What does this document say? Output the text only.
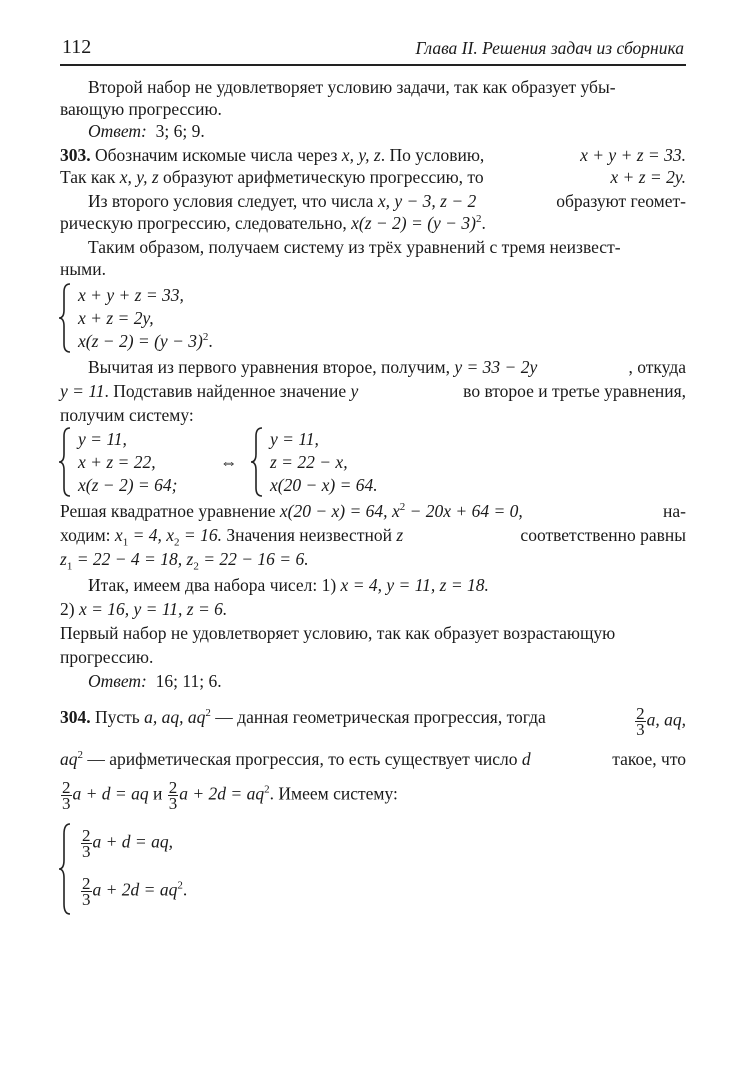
112	Глава II. Решения задач из сборника
Второй набор не удовлетворяет условию задачи, так как образует убы-
вающую прогрессию.
Ответ: 3; 6; 9.
303. Обозначим искомые числа через x, y, z. По условию,	x + y + z = 33.
Так как x, y, z образуют арифметическую прогрессию, то	x + z = 2y.
Из второго условия следует, что числа x, y − 3, z − 2	образуют геомет-
рическую прогрессию, следовательно, $x(z - 2) = (y - 3)^2$.
Таким образом, получаем систему из трёх уравнений с тремя неизвест-
ными.
x + y + z = 33,
x + z = 2y,
$x(z - 2) = (y - 3)^2$.
Вычитая из первого уравнения второе, получим, y = 33 − 2y	, откуда
y = 11. Подставив найденное значение y	во второе и третье уравнения,
получим систему:
y = 11,
x + z = 22,
x(z − 2) = 64;
⇔
y = 11,
z = 22 − x,
x(20 − x) = 64.
Решая квадратное уравнение x(20 − x) = 64, $x^2 - 20x + 64 = 0$,	на-
ходим: $x_1 = 4$, $x_2 = 16$. Значения неизвестной z	соответственно равны
$z_1 = 22 - 4 = 18$, $z_2 = 22 - 16 = 6$.
Итак, имеем два набора чисел: 1) x = 4, y = 11, z = 18.
2) x = 16, y = 11, z = 6.
Первый набор не удовлетворяет условию, так как образует возрастающую
прогрессию.
Ответ: 16; 11; 6.
304. Пусть a, aq, $aq^2$ — данная геометрическая прогрессия, тогда	$\frac{2}{3} a$, aq,
$aq^2$ — арифметическая прогрессия, то есть существует число d	такое, что
$\frac{2}{3}$ a + d = aq и $\frac{2}{3}$ $a + 2d = aq^2$. Имеем систему:
$\frac{2}{3}$ a + d = aq,
$\frac{2}{3}$ $a + 2d = aq^2$.
